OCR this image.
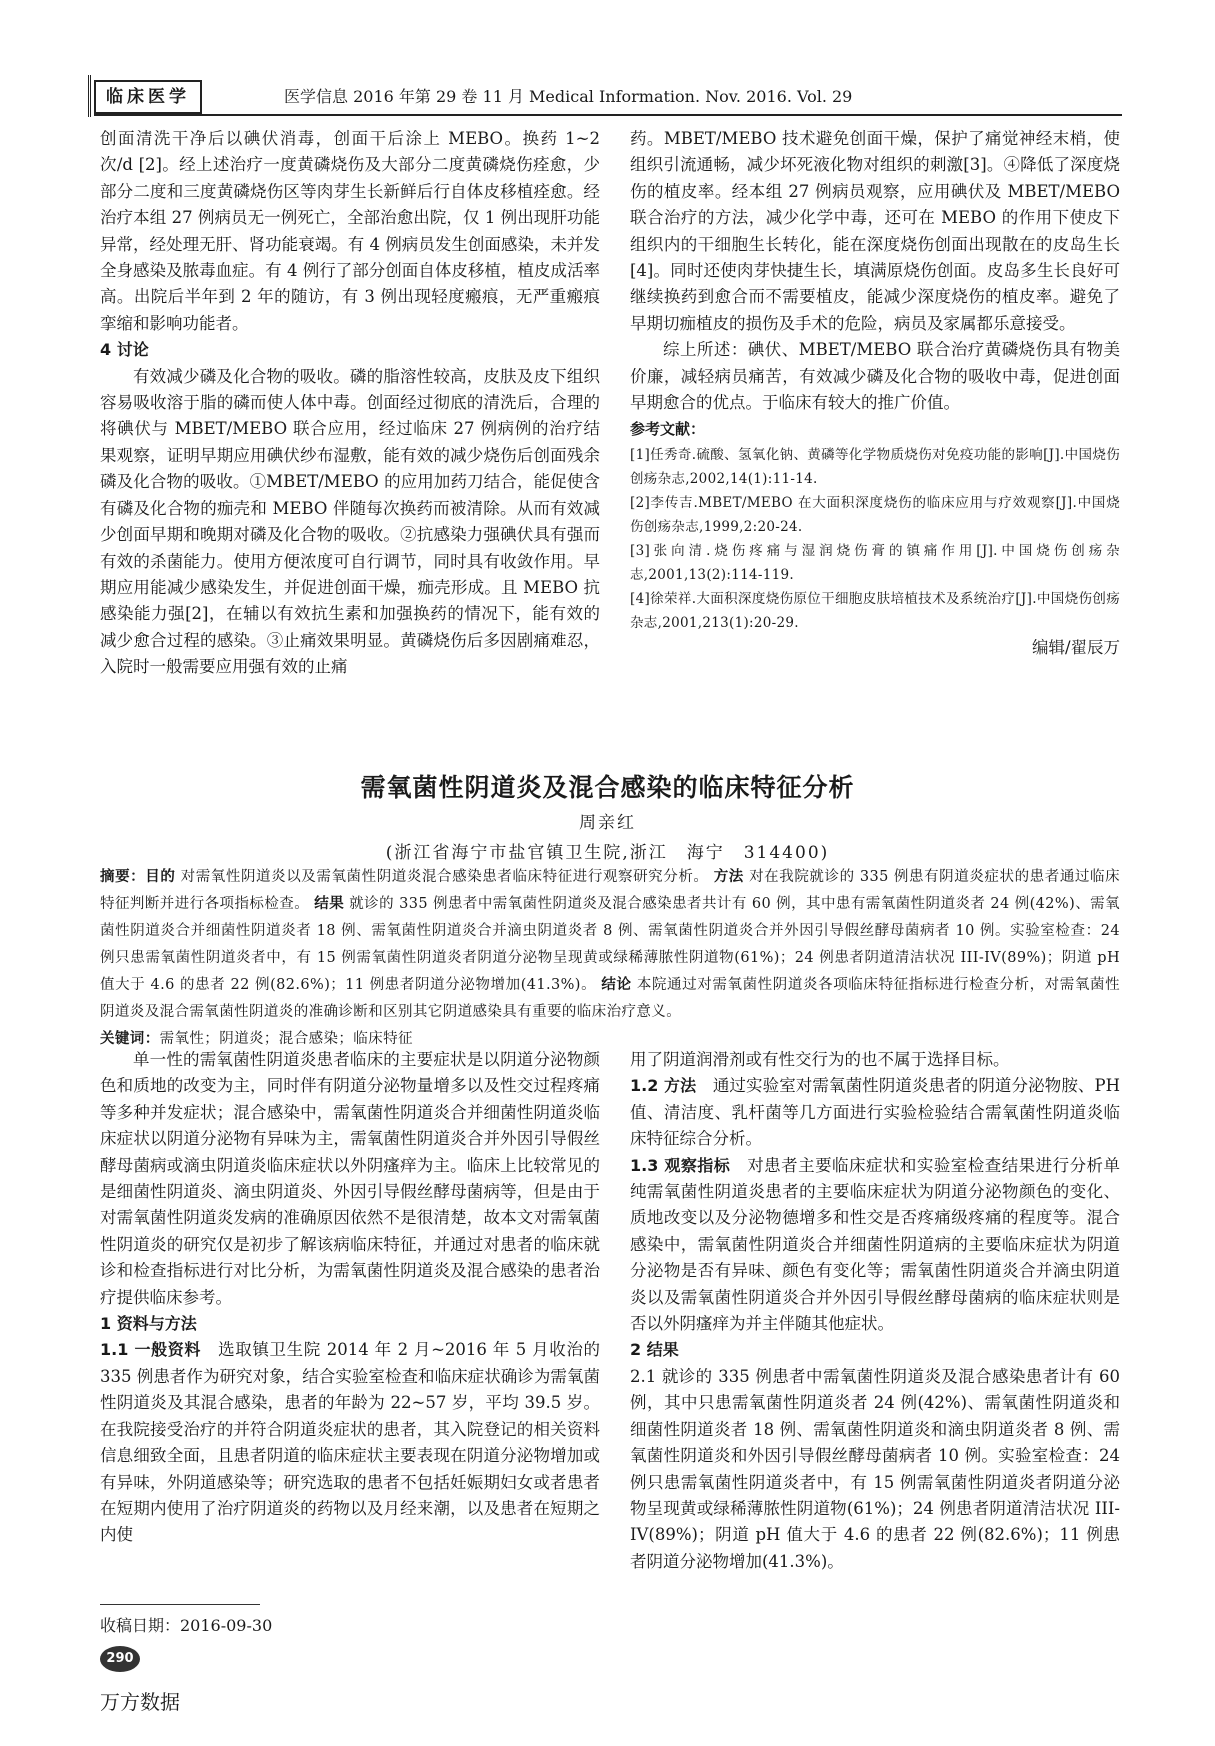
临床医学	医学信息 2016 年第 29 卷 11 月 Medical Information. Nov. 2016. Vol. 29

创面清洗干净后以碘伏消毒，创面干后涂上 MEBO。换药 1~2 次/d [2]。经上述治疗一度黄磷烧伤及大部分二度黄磷烧伤痊愈，少部分二度和三度黄磷烧伤区等肉芽生长新鲜后行自体皮移植痊愈。经治疗本组 27 例病员无一例死亡，全部治愈出院，仅 1 例出现肝功能异常，经处理无肝、肾功能衰竭。有 4 例病员发生创面感染，未并发全身感染及脓毒血症。有 4 例行了部分创面自体皮移植，植皮成活率高。出院后半年到 2 年的随访，有 3 例出现轻度瘢痕，无严重瘢痕挛缩和影响功能者。

4 讨论

有效减少磷及化合物的吸收。磷的脂溶性较高，皮肤及皮下组织容易吸收溶于脂的磷而使人体中毒。创面经过彻底的清洗后，合理的将碘伏与 MBET/MEBO 联合应用，经过临床 27 例病例的治疗结果观察，证明早期应用碘伏纱布湿敷，能有效的减少烧伤后创面残余磷及化合物的吸收。①MBET/MEBO 的应用加药刀结合，能促使含有磷及化合物的痂壳和 MEBO 伴随每次换药而被清除。从而有效减少创面早期和晚期对磷及化合物的吸收。②抗感染力强碘伏具有强而有效的杀菌能力。使用方便浓度可自行调节，同时具有收敛作用。早期应用能减少感染发生，并促进创面干燥，痂壳形成。且 MEBO 抗感染能力强[2]，在辅以有效抗生素和加强换药的情况下，能有效的减少愈合过程的感染。③止痛效果明显。黄磷烧伤后多因剧痛难忍，入院时一般需要应用强有效的止痛

药。MBET/MEBO 技术避免创面干燥，保护了痛觉神经末梢，使组织引流通畅，减少坏死液化物对组织的刺激[3]。④降低了深度烧伤的植皮率。经本组 27 例病员观察，应用碘伏及 MBET/MEBO 联合治疗的方法，减少化学中毒，还可在 MEBO 的作用下使皮下组织内的干细胞生长转化，能在深度烧伤创面出现散在的皮岛生长[4]。同时还使肉芽快捷生长，填满原烧伤创面。皮岛多生长良好可继续换药到愈合而不需要植皮，能减少深度烧伤的植皮率。避免了早期切痂植皮的损伤及手术的危险，病员及家属都乐意接受。

综上所述：碘伏、MBET/MEBO 联合治疗黄磷烧伤具有物美价廉，减轻病员痛苦，有效减少磷及化合物的吸收中毒，促进创面早期愈合的优点。于临床有较大的推广价值。

参考文献：

[1]任秀奇.硫酸、氢氧化钠、黄磷等化学物质烧伤对免疫功能的影响[J].中国烧伤创疡杂志,2002,14(1):11-14.

[2]李传吉.MBET/MEBO 在大面积深度烧伤的临床应用与疗效观察[J].中国烧伤创疡杂志,1999,2:20-24.

[3]张向清.烧伤疼痛与湿润烧伤膏的镇痛作用[J].中国烧伤创疡杂志,2001,13(2):114-119.

[4]徐荣祥.大面积深度烧伤原位干细胞皮肤培植技术及系统治疗[J].中国烧伤创疡杂志,2001,213(1):20-29.

编辑/翟辰万

需氧菌性阴道炎及混合感染的临床特征分析
周亲红
(浙江省海宁市盐官镇卫生院,浙江　海宁　314400)
摘要：目的 对需氧性阴道炎以及需氧菌性阴道炎混合感染患者临床特征进行观察研究分析。 方法 对在我院就诊的 335 例患有阴道炎症状的患者通过临床特征判断并进行各项指标检查。 结果 就诊的 335 例患者中需氧菌性阴道炎及混合感染患者共计有 60 例，其中患有需氧菌性阴道炎者 24 例(42%)、需氧菌性阴道炎合并细菌性阴道炎者 18 例、需氧菌性阴道炎合并滴虫阴道炎者 8 例、需氧菌性阴道炎合并外因引导假丝酵母菌病者 10 例。实验室检查：24 例只患需氧菌性阴道炎者中，有 15 例需氧菌性阴道炎者阴道分泌物呈现黄或绿稀薄脓性阴道物(61%)；24 例患者阴道清洁状况 III-IV(89%)；阴道 pH 值大于 4.6 的患者 22 例(82.6%)；11 例患者阴道分泌物增加(41.3%)。 结论 本院通过对需氧菌性阴道炎各项临床特征指标进行检查分析，对需氧菌性阴道炎及混合需氧菌性阴道炎的准确诊断和区别其它阴道感染具有重要的临床治疗意义。
关键词：需氧性；阴道炎；混合感染；临床特征

单一性的需氧菌性阴道炎患者临床的主要症状是以阴道分泌物颜色和质地的改变为主，同时伴有阴道分泌物量增多以及性交过程疼痛等多种并发症状；混合感染中，需氧菌性阴道炎合并细菌性阴道炎临床症状以阴道分泌物有异味为主，需氧菌性阴道炎合并外因引导假丝酵母菌病或滴虫阴道炎临床症状以外阴瘙痒为主。临床上比较常见的是细菌性阴道炎、滴虫阴道炎、外因引导假丝酵母菌病等，但是由于对需氧菌性阴道炎发病的准确原因依然不是很清楚，故本文对需氧菌性阴道炎的研究仅是初步了解该病临床特征，并通过对患者的临床就诊和检查指标进行对比分析，为需氧菌性阴道炎及混合感染的患者治疗提供临床参考。

1 资料与方法

1.1 一般资料　 选取镇卫生院 2014 年 2 月~2016 年 5 月收治的 335 例患者作为研究对象，结合实验室检查和临床症状确诊为需氧菌性阴道炎及其混合感染，患者的年龄为 22~57 岁，平均 39.5 岁。在我院接受治疗的并符合阴道炎症状的患者，其入院登记的相关资料信息细致全面，且患者阴道的临床症状主要表现在阴道分泌物增加或有异味，外阴道感染等；研究选取的患者不包括妊娠期妇女或者患者在短期内使用了治疗阴道炎的药物以及月经来潮，以及患者在短期之内使

用了阴道润滑剂或有性交行为的也不属于选择目标。

1.2 方法　 通过实验室对需氧菌性阴道炎患者的阴道分泌物胺、PH 值、清洁度、乳杆菌等几方面进行实验检验结合需氧菌性阴道炎临床特征综合分析。

1.3 观察指标　 对患者主要临床症状和实验室检查结果进行分析单纯需氧菌性阴道炎患者的主要临床症状为阴道分泌物颜色的变化、质地改变以及分泌物德增多和性交是否疼痛级疼痛的程度等。混合感染中，需氧菌性阴道炎合并细菌性阴道病的主要临床症状为阴道分泌物是否有异味、颜色有变化等；需氧菌性阴道炎合并滴虫阴道炎以及需氧菌性阴道炎合并外因引导假丝酵母菌病的临床症状则是否以外阴瘙痒为并主伴随其他症状。

2 结果

2.1 就诊的 335 例患者中需氧菌性阴道炎及混合感染患者计有 60 例，其中只患需氧菌性阴道炎者 24 例(42%)、需氧菌性阴道炎和细菌性阴道炎者 18 例、需氧菌性阴道炎和滴虫阴道炎者 8 例、需氧菌性阴道炎和外因引导假丝酵母菌病者 10 例。实验室检查：24 例只患需氧菌性阴道炎者中，有 15 例需氧菌性阴道炎者阴道分泌物呈现黄或绿稀薄脓性阴道物(61%)；24 例患者阴道清洁状况 III-IV(89%)；阴道 pH 值大于 4.6 的患者 22 例(82.6%)；11 例患者阴道分泌物增加(41.3%)。

收稿日期：2016-09-30
290
万方数据
